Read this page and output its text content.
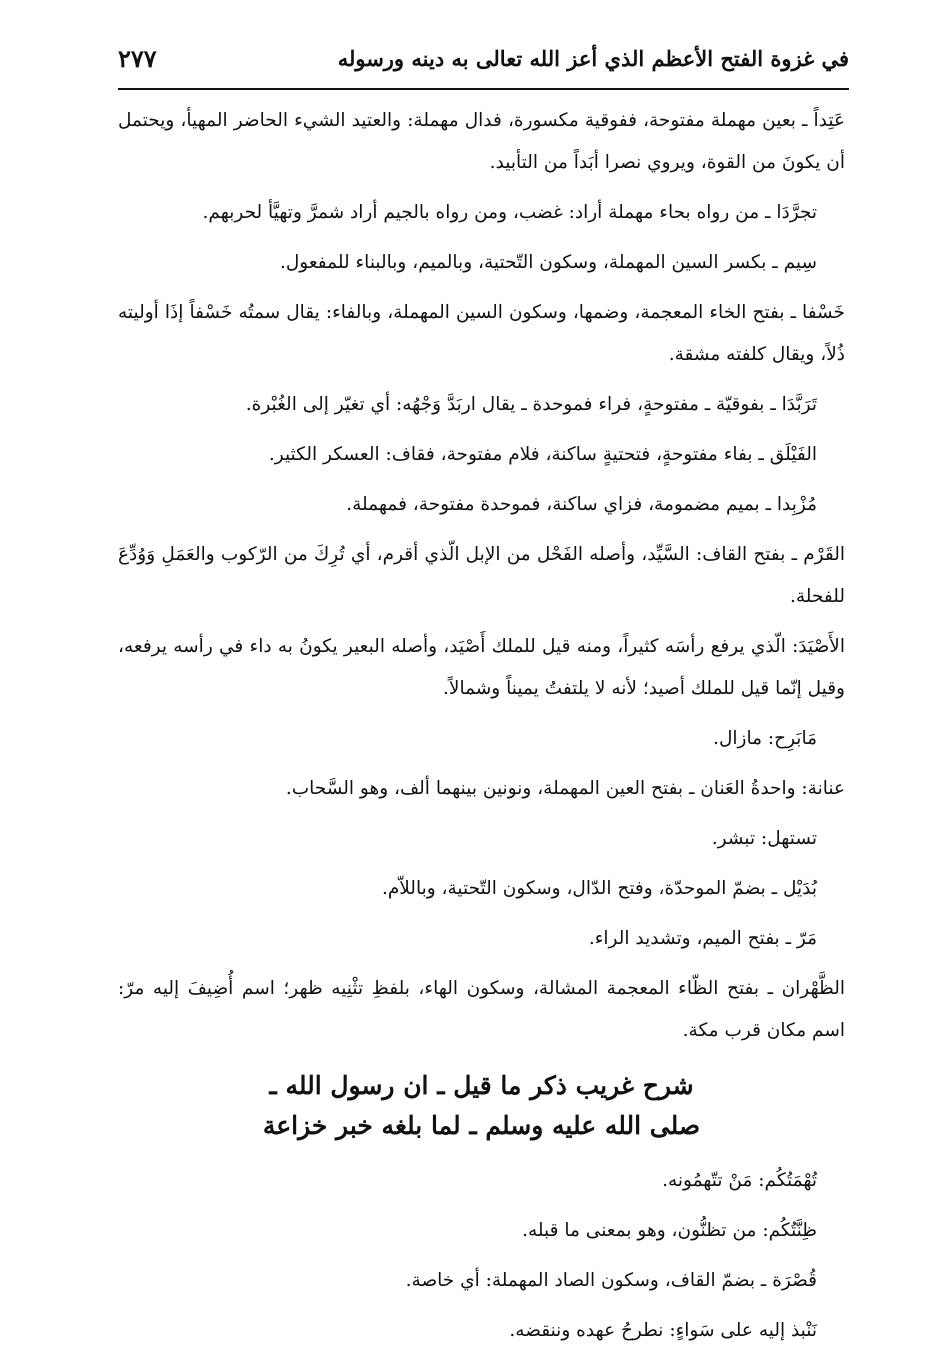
في غزوة الفتح الأعظم الذي أعز الله تعالى به دينه ورسوله
٢٧٧

عَتِداً ـ بعين مهملة مفتوحة، ففوقية مكسورة، فدال مهملة: والعتيد الشيء الحاضر المهيأ، ويحتمل أن يكونَ من القوة، ويروي نصرا أبَداً من التأبيد.

تجرَّدَا ـ من رواه بحاء مهملة أراد: غضب، ومن رواه بالجيم أراد شمرَّ وتهيَّأ لحربهم.

سِيم ـ بكسر السين المهملة، وسكون التّحتية، وبالميم، وبالبناء للمفعول.

خَسْفا ـ بفتح الخاء المعجمة، وضمها، وسكون السين المهملة، وبالفاء: يقال سمتُه خَسْفاً إذَا أوليته ذُلاً، ويقال كلفته مشقة.

تَرَبَّدَا ـ بفوقيّة ـ مفتوحةٍ، فراء فموحدة ـ يقال اربَدَّ وَجْهُه: أي تغيّر إلى الغُبْرة.

الفَيْلَق ـ بفاء مفتوحةٍ، فتحتيةٍ ساكنة، فلام مفتوحة، فقاف: العسكر الكثير.

مُزْبِدا ـ بميم مضمومة، فزاي ساكنة، فموحدة مفتوحة، فمهملة.

القَرْم ـ بفتح القاف: السَّيِّد، وأصله الفَحْل من الإبل الّذي أقرم، أي تُرِكَ من الرّكوب والعَمَلِ وَوُدِّعَ للفحلة.

الأَصْيَدَ: الّذي يرفع رأسَه كثيراً، ومنه قيل للملك أَصْيَد، وأصله البعير يكونُ به داء في رأسه يرفعه، وقيل إنّما قيل للملك أصيد؛ لأنه لا يلتفتُ يميناً وشمالاً.

مَابَرِح: مازال.

عنانة: واحدةُ العَنان ـ بفتح العين المهملة، ونونين بينهما ألف، وهو السَّحاب.

تستهل: تبشر.

بُدَيْل ـ بضمّ الموحدّة، وفتح الدّال، وسكون التّحتية، وباللاّم.

مَرّ ـ بفتح الميم، وتشديد الراء.

الظَّهْران ـ بفتح الظّاء المعجمة المشالة، وسكون الهاء، بلفظِ تثْنِيه ظهر؛ اسم أُضِيفَ إليه مرّ: اسم مكان قرب مكة.

شرح غريب ذكر ما قيل ـ ان رسول الله ـ
صلى الله عليه وسلم ـ لما بلغه خبر خزاعة

تُهْمَتُكُم: مَنْ تتّهمُونه.

ظِنَّتُكُم: من تظنُّون، وهو بمعنى ما قبله.

قُصْرَة ـ بضمّ القاف، وسكون الصاد المهملة: أي خاصة.

نَنْبذ إليه على سَواءٍ: نطرحُ عهده وننقضه.
